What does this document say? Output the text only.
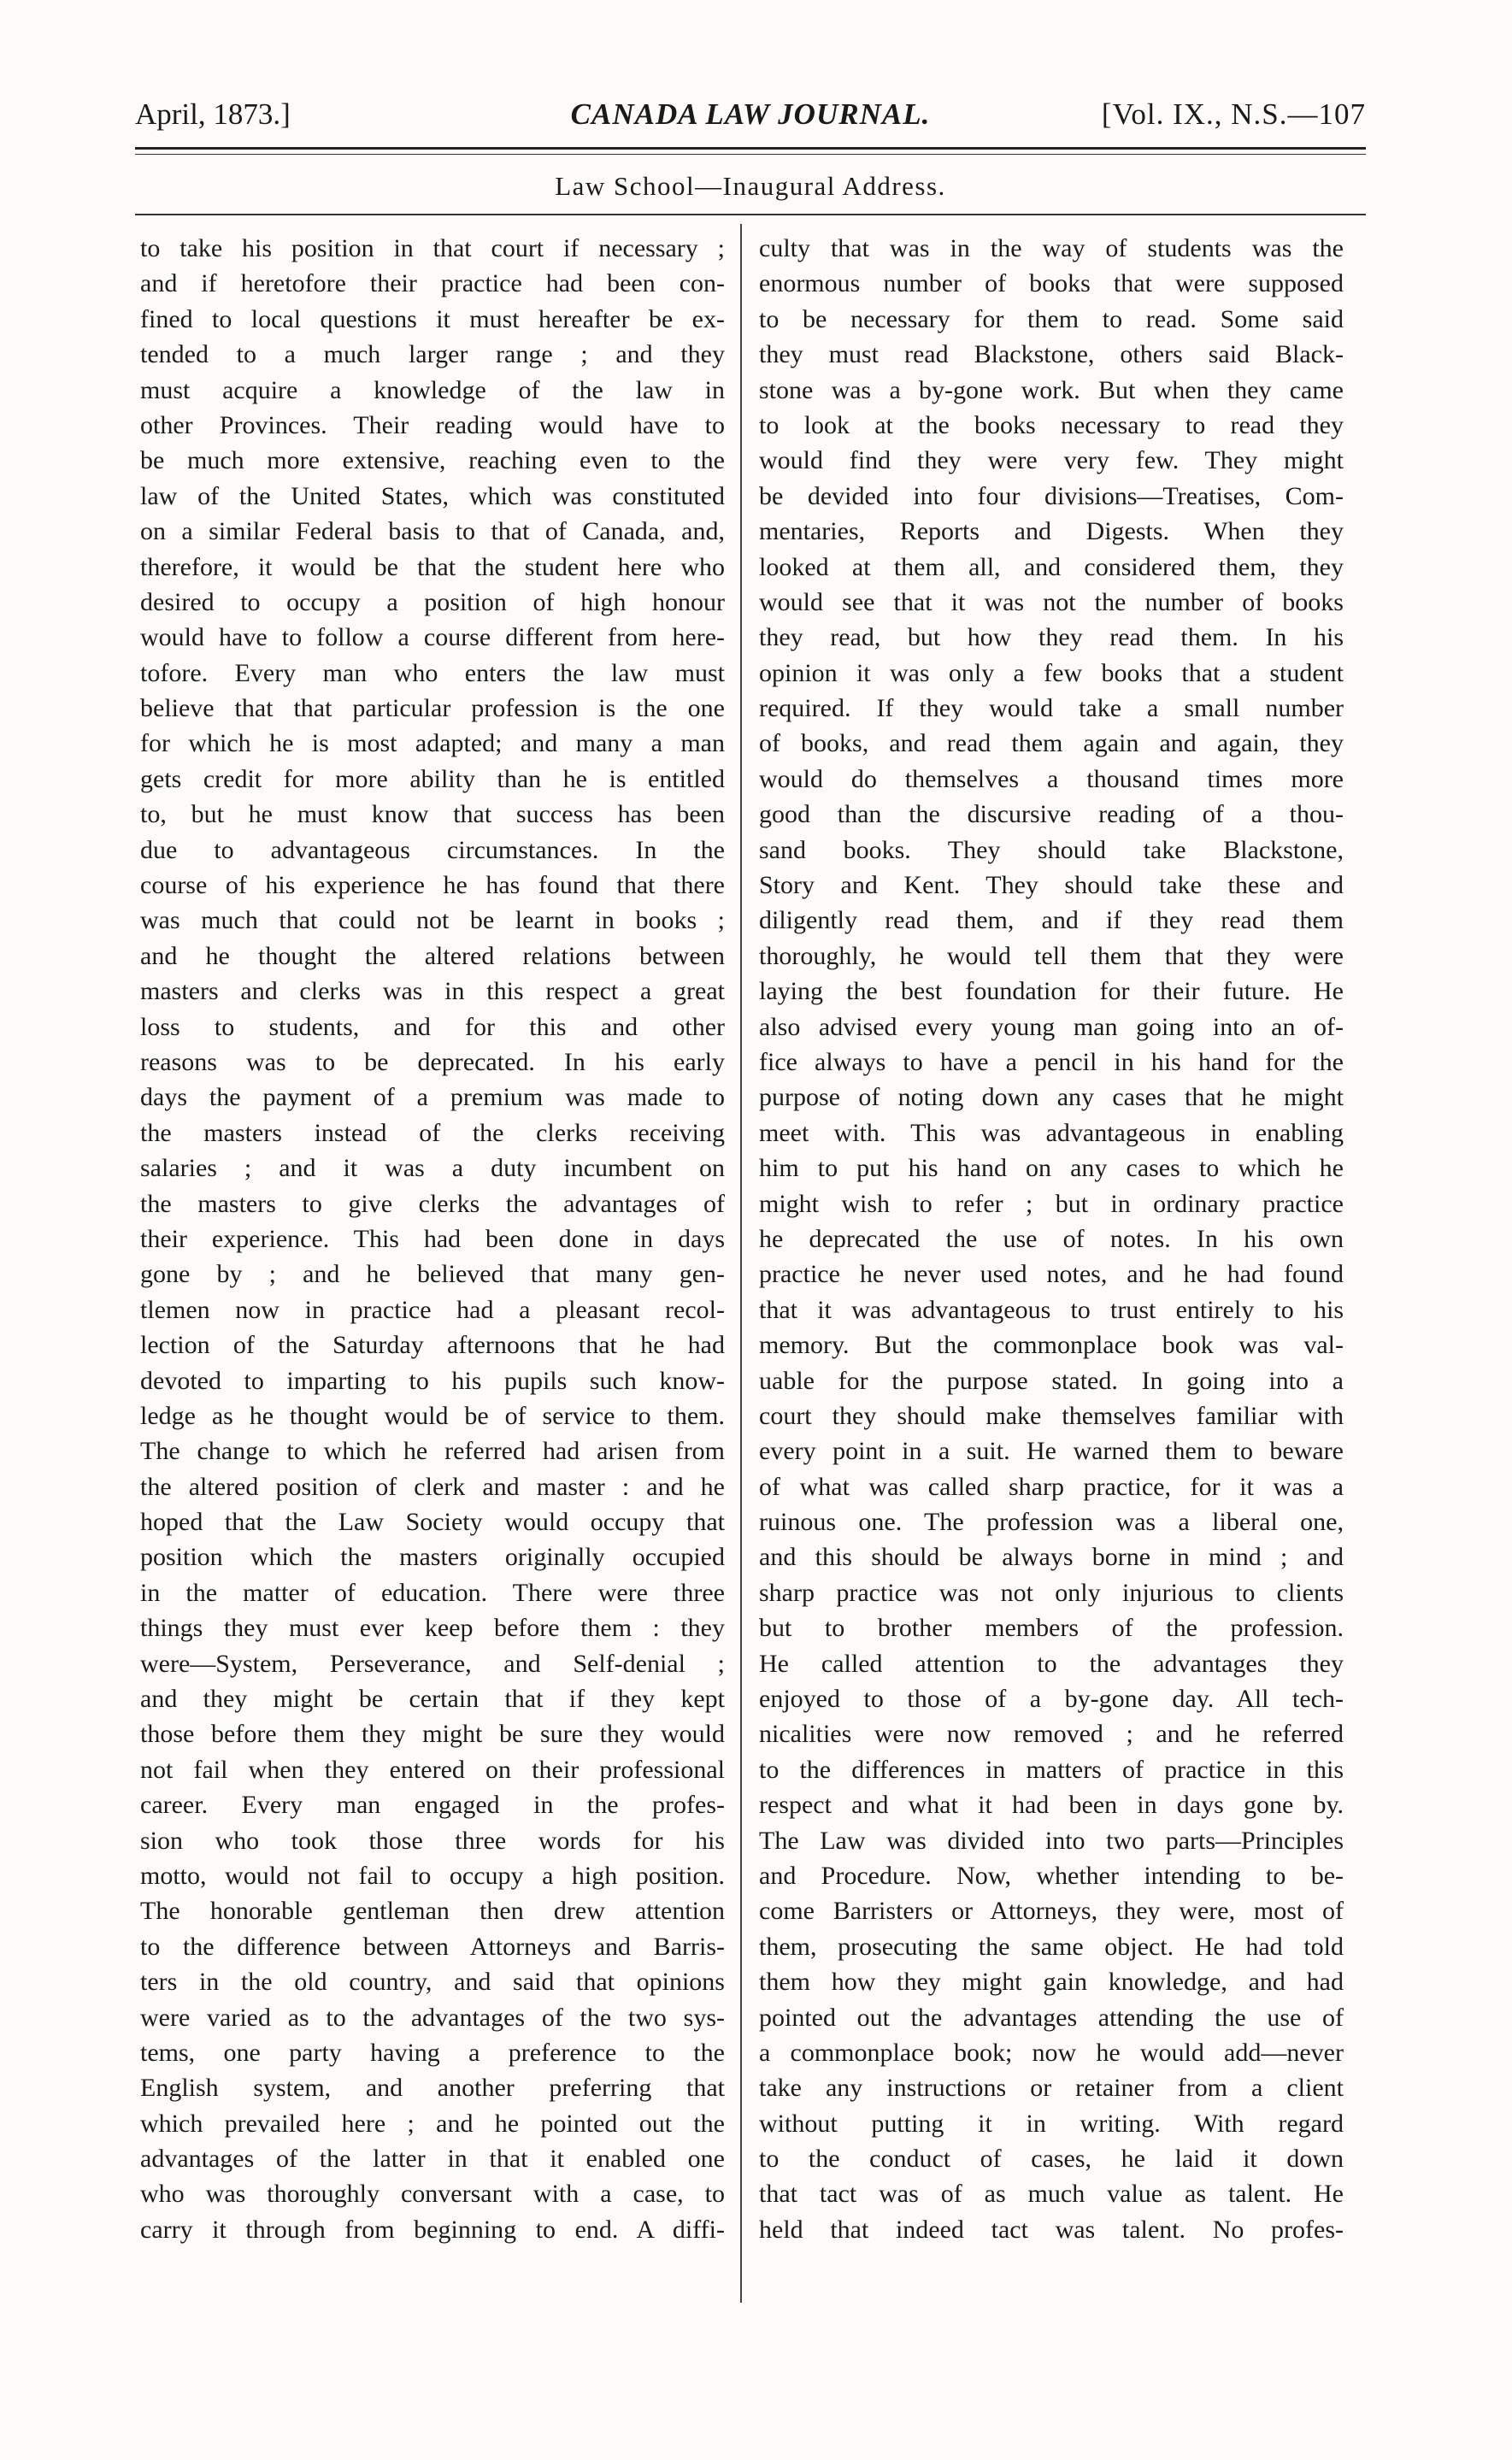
April, 1873.]	CANADA LAW JOURNAL.	[Vol. IX., N.S.—107
Law School—Inaugural Address.
to take his position in that court if necessary ;
and if heretofore their practice had been con-
fined to local questions it must hereafter be ex-
tended to a much larger range ; and they
must acquire a knowledge of the law in
other Provinces. Their reading would have to
be much more extensive, reaching even to the
law of the United States, which was constituted
on a similar Federal basis to that of Canada, and,
therefore, it would be that the student here who
desired to occupy a position of high honour
would have to follow a course different from here-
tofore. Every man who enters the law must
believe that that particular profession is the one
for which he is most adapted; and many a man
gets credit for more ability than he is entitled
to, but he must know that success has been
due to advantageous circumstances. In the
course of his experience he has found that there
was much that could not be learnt in books ;
and he thought the altered relations between
masters and clerks was in this respect a great
loss to students, and for this and other
reasons was to be deprecated. In his early
days the payment of a premium was made to
the masters instead of the clerks receiving
salaries ; and it was a duty incumbent on
the masters to give clerks the advantages of
their experience. This had been done in days
gone by ; and he believed that many gen-
tlemen now in practice had a pleasant recol-
lection of the Saturday afternoons that he had
devoted to imparting to his pupils such know-
ledge as he thought would be of service to them.
The change to which he referred had arisen from
the altered position of clerk and master : and he
hoped that the Law Society would occupy that
position which the masters originally occupied
in the matter of education. There were three
things they must ever keep before them : they
were—System, Perseverance, and Self-denial ;
and they might be certain that if they kept
those before them they might be sure they would
not fail when they entered on their professional
career. Every man engaged in the profes-
sion who took those three words for his
motto, would not fail to occupy a high position.
The honorable gentleman then drew attention
to the difference between Attorneys and Barris-
ters in the old country, and said that opinions
were varied as to the advantages of the two sys-
tems, one party having a preference to the
English system, and another preferring that
which prevailed here ; and he pointed out the
advantages of the latter in that it enabled one
who was thoroughly conversant with a case, to
carry it through from beginning to end. A diffi-
culty that was in the way of students was the
enormous number of books that were supposed
to be necessary for them to read. Some said
they must read Blackstone, others said Black-
stone was a by-gone work. But when they came
to look at the books necessary to read they
would find they were very few. They might
be devided into four divisions—Treatises, Com-
mentaries, Reports and Digests. When they
looked at them all, and considered them, they
would see that it was not the number of books
they read, but how they read them. In his
opinion it was only a few books that a student
required. If they would take a small number
of books, and read them again and again, they
would do themselves a thousand times more
good than the discursive reading of a thou-
sand books. They should take Blackstone,
Story and Kent. They should take these and
diligently read them, and if they read them
thoroughly, he would tell them that they were
laying the best foundation for their future. He
also advised every young man going into an of-
fice always to have a pencil in his hand for the
purpose of noting down any cases that he might
meet with. This was advantageous in enabling
him to put his hand on any cases to which he
might wish to refer ; but in ordinary practice
he deprecated the use of notes. In his own
practice he never used notes, and he had found
that it was advantageous to trust entirely to his
memory. But the commonplace book was val-
uable for the purpose stated. In going into a
court they should make themselves familiar with
every point in a suit. He warned them to beware
of what was called sharp practice, for it was a
ruinous one. The profession was a liberal one,
and this should be always borne in mind ; and
sharp practice was not only injurious to clients
but to brother members of the profession.
He called attention to the advantages they
enjoyed to those of a by-gone day. All tech-
nicalities were now removed ; and he referred
to the differences in matters of practice in this
respect and what it had been in days gone by.
The Law was divided into two parts—Principles
and Procedure. Now, whether intending to be-
come Barristers or Attorneys, they were, most of
them, prosecuting the same object. He had told
them how they might gain knowledge, and had
pointed out the advantages attending the use of
a commonplace book; now he would add—never
take any instructions or retainer from a client
without putting it in writing. With regard
to the conduct of cases, he laid it down
that tact was of as much value as talent. He
held that indeed tact was talent. No profes-
